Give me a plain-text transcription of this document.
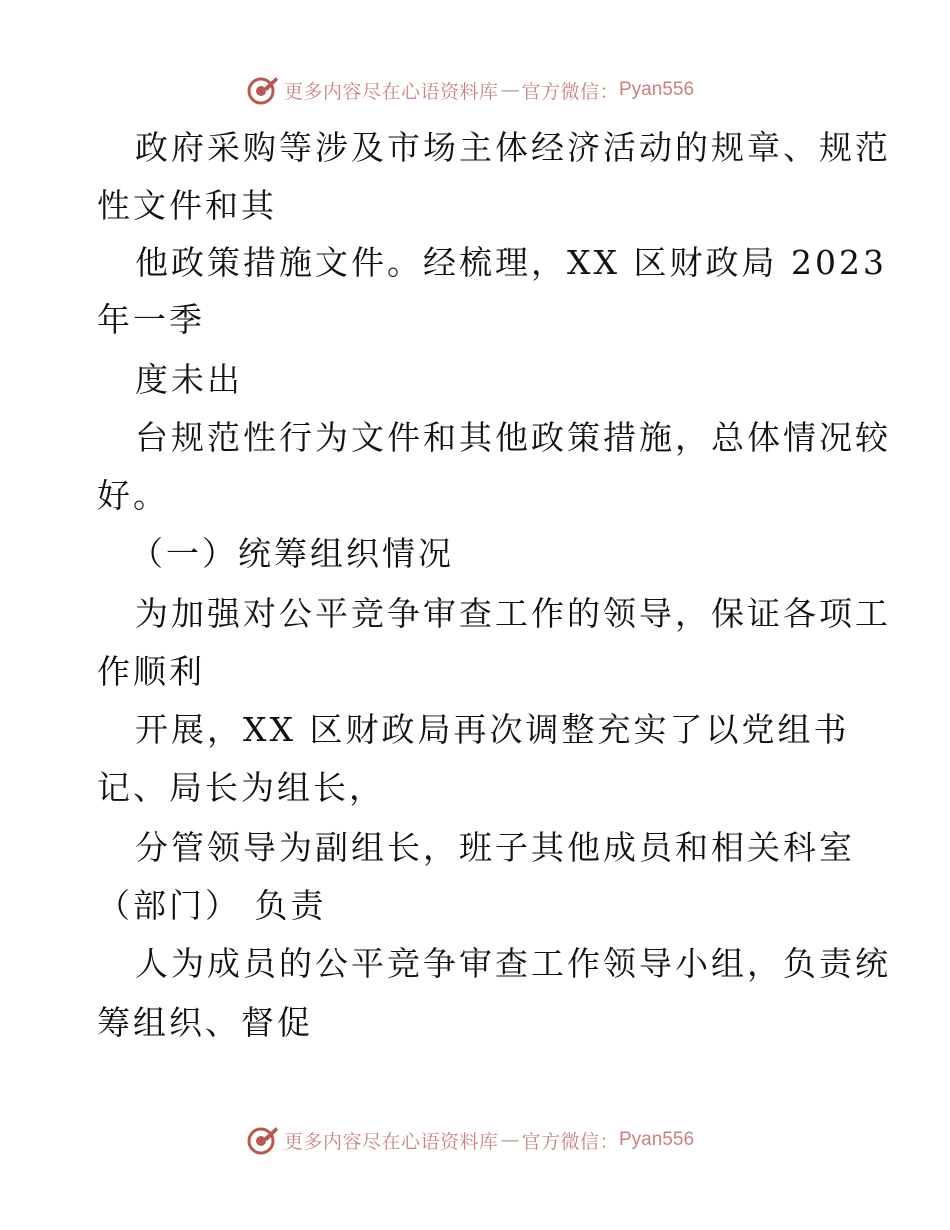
更多内容尽在心语资料库 — 官方微信： Pyan556

政府采购等涉及市场主体经济活动的规章、规范

性文件和其

他政策措施文件。经梳理，XX 区财政局 2023

年一季

度未出

台规范性行为文件和其他政策措施，总体情况较

好。

（一）统筹组织情况

为加强对公平竞争审查工作的领导，保证各项工

作顺利

开展，XX 区财政局再次调整充实了以党组书

记、局长为组长，

分管领导为副组长，班子其他成员和相关科室

（部门） 负责

人为成员的公平竞争审查工作领导小组，负责统

筹组织、督促

更多内容尽在心语资料库 — 官方微信： Pyan556
